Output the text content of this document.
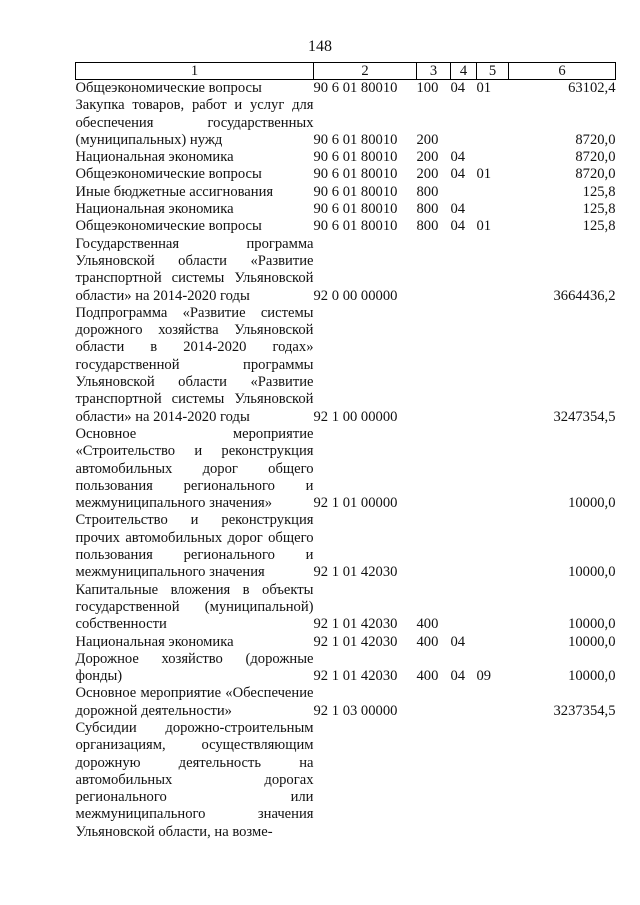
148
1	2	3	4	5	6
Общеэкономические вопросы	90 6 01 80010	100	04	01	63102,4
Закупка товаров, работ и услуг для обеспечения государственных (муниципальных) нужд	90 6 01 80010	200			8720,0
Национальная экономика	90 6 01 80010	200	04		8720,0
Общеэкономические вопросы	90 6 01 80010	200	04	01	8720,0
Иные бюджетные ассигнования	90 6 01 80010	800			125,8
Национальная экономика	90 6 01 80010	800	04		125,8
Общеэкономические вопросы	90 6 01 80010	800	04	01	125,8
Государственная программа Ульяновской области «Развитие транспортной системы Ульяновской области» на 2014-2020 годы	92 0 00 00000				3664436,2
Подпрограмма «Развитие системы дорожного хозяйства Ульяновской области в 2014-2020 годах» государственной программы Ульяновской области «Развитие транспортной системы Ульяновской области» на 2014-2020 годы	92 1 00 00000				3247354,5
Основное мероприятие «Строительство и реконструкция автомобильных дорог общего пользования регионального и межмуниципального значения»	92 1 01 00000				10000,0
Строительство и реконструкция прочих автомобильных дорог общего пользования регионального и межмуниципального значения	92 1 01 42030				10000,0
Капитальные вложения в объекты государственной (муниципальной) собственности	92 1 01 42030	400			10000,0
Национальная экономика	92 1 01 42030	400	04		10000,0
Дорожное хозяйство (дорожные фонды)	92 1 01 42030	400	04	09	10000,0
Основное мероприятие «Обеспечение дорожной деятельности»	92 1 03 00000				3237354,5
Субсидии дорожно-строительным организациям, осуществляющим дорожную деятельность на автомобильных дорогах регионального или межмуниципального значения Ульяновской области, на возме-					
